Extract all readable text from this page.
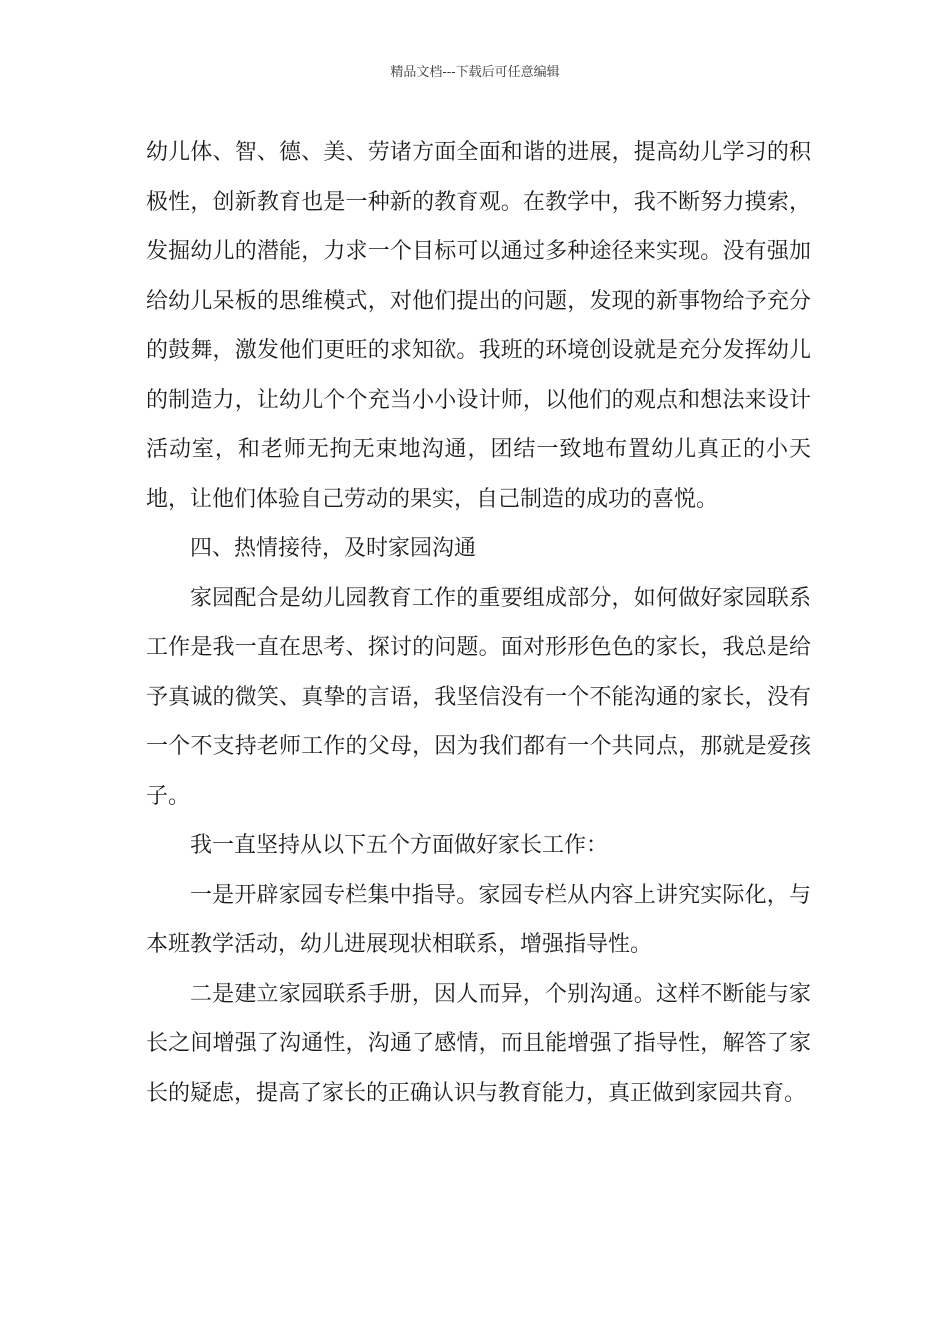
精品文档---下载后可任意编辑

幼儿体、智、德、美、劳诸方面全面和谐的进展，提高幼儿学习的积极性，创新教育也是一种新的教育观。在教学中，我不断努力摸索，发掘幼儿的潜能，力求一个目标可以通过多种途径来实现。没有强加给幼儿呆板的思维模式，对他们提出的问题，发现的新事物给予充分的鼓舞，激发他们更旺的求知欲。我班的环境创设就是充分发挥幼儿的制造力，让幼儿个个充当小小设计师，以他们的观点和想法来设计活动室，和老师无拘无束地沟通，团结一致地布置幼儿真正的小天地，让他们体验自己劳动的果实，自己制造的成功的喜悦。

四、热情接待，及时家园沟通

家园配合是幼儿园教育工作的重要组成部分，如何做好家园联系工作是我一直在思考、探讨的问题。面对形形色色的家长，我总是给予真诚的微笑、真挚的言语，我坚信没有一个不能沟通的家长，没有一个不支持老师工作的父母，因为我们都有一个共同点，那就是爱孩子。

我一直坚持从以下五个方面做好家长工作：

一是开辟家园专栏集中指导。家园专栏从内容上讲究实际化，与本班教学活动，幼儿进展现状相联系，增强指导性。

二是建立家园联系手册，因人而异，个别沟通。这样不断能与家长之间增强了沟通性，沟通了感情，而且能增强了指导性，解答了家长的疑虑，提高了家长的正确认识与教育能力，真正做到家园共育。
